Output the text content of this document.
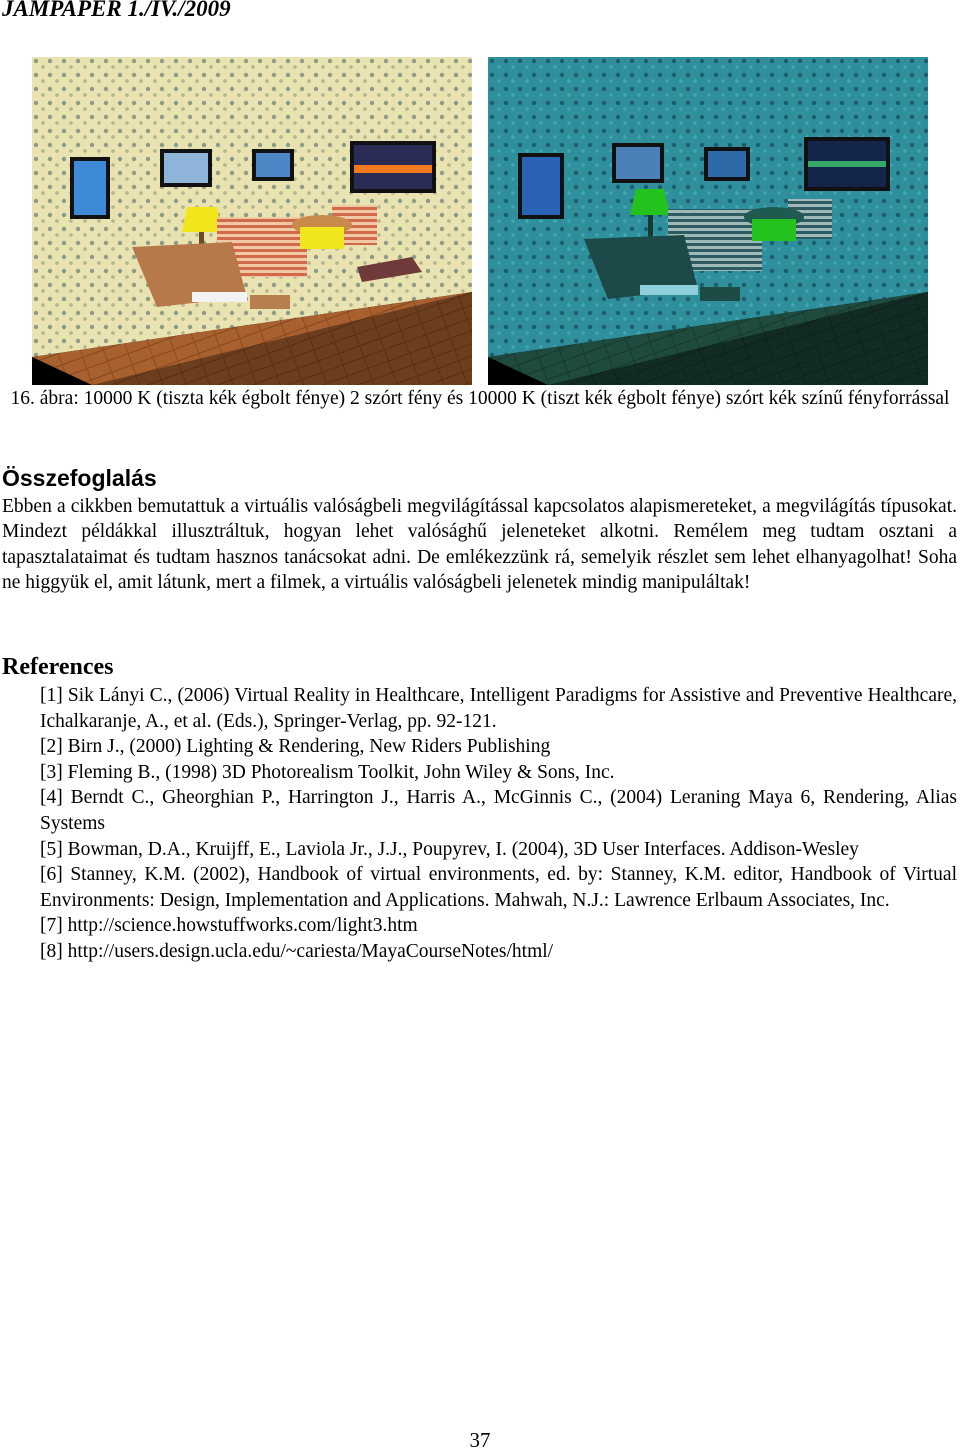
JAMPAPER 1./IV./2009
16. ábra: 10000 K (tiszta kék égbolt fénye) 2 szórt fény és 10000 K (tiszt kék égbolt fénye) szórt kék színű fényforrással
Összefoglalás

Ebben a cikkben bemutattuk a virtuális valóságbeli megvilágítással kapcsolatos alapismereteket, a megvilágítás típusokat. Mindezt példákkal illusztráltuk, hogyan lehet valósághű jeleneteket alkotni. Remélem meg tudtam osztani a tapasztalataimat és tudtam hasznos tanácsokat adni. De emlékezzünk rá, semelyik részlet sem lehet elhanyagolhat! Soha ne higgyük el, amit látunk, mert a filmek, a virtuális valóságbeli jelenetek mindig manipuláltak!

References
[1] Sik Lányi C., (2006) Virtual Reality in Healthcare, Intelligent Paradigms for Assistive and Preventive Healthcare, Ichalkaranje, A., et al. (Eds.), Springer-Verlag, pp. 92-121.
[2] Birn J., (2000) Lighting & Rendering, New Riders Publishing
[3] Fleming B., (1998) 3D Photorealism Toolkit, John Wiley & Sons, Inc.
[4] Berndt C., Gheorghian P., Harrington J., Harris A., McGinnis C., (2004) Leraning Maya 6, Rendering, Alias Systems
[5] Bowman, D.A., Kruijff, E., Laviola Jr., J.J., Poupyrev, I. (2004), 3D User Interfaces. Addison-Wesley
[6] Stanney, K.M. (2002), Handbook of virtual environments, ed. by: Stanney, K.M. editor, Handbook of Virtual Environments: Design, Implementation and Applications. Mahwah, N.J.: Lawrence Erlbaum Associates, Inc.
[7] http://science.howstuffworks.com/light3.htm
[8] http://users.design.ucla.edu/~cariesta/MayaCourseNotes/html/
37
